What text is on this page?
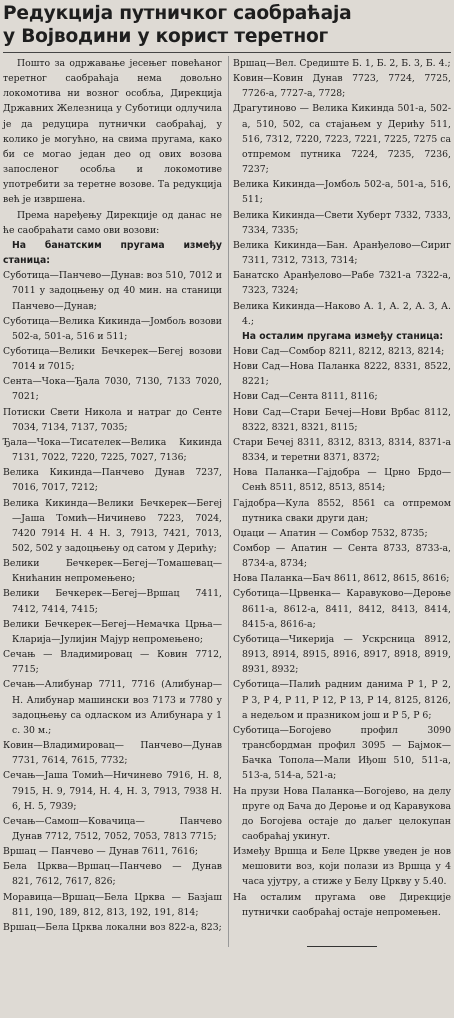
Редукција путничког саобраћаја
у Војводини у корист теретног

Пошто за одржавање јесењег повећаног теретног саобраћаја нема довољно локомотива ни возног особља, Дирекција Државних Железница у Суботици одлучила је да редуцира путнички саобраћај, у колико је могућно, на свима пругама, како би се могао један део од ових возова запосленог особља и локомотиве употребити за теретне возове. Та редукција већ је извршена.

Према наређењу Дирекције од данас не ће саобраћати само ови возови:

На банатским пругама између станица:

Суботица—Панчево—Дунав: воз 510, 7012 и 7011 у задоцњењу од 40 мин. на станици Панчево—Дунав;

Суботица—Велика Кикинда—Јомбољ возови 502-а, 501-а, 516 и 511;

Суботица—Велики Бечкерек—Бегеј возови 7014 и 7015;

Сента—Чока—Ђала 7030, 7130, 7133 7020, 7021;

Потиски Свети Никола и натраг до Сенте 7034, 7134, 7137, 7035;

Ђала—Чока—Тисателек—Велика Кикинда 7131, 7022, 7220, 7225, 7027, 7136;

Велика Кикинда—Панчево Дунав 7237, 7016, 7017, 7212;

Велика Кикинда—Велики Бечкерек—Бегеј—Јаша Томић—Ничинево 7223, 7024, 7420 7914 Н. 4 Н. 3, 7913, 7421, 7013, 502, 502 у задоцњењу од сатом у Дерићу;

Велики Бечкерек—Бегеј—Томашевац—Книћанин непромењено;

Велики Бечкерек—Бегеј—Вршац 7411, 7412, 7414, 7415;

Велики Бечкерек—Бегеј—Немачка Црња—Кларија—Јулијин Мајур непромењено;

Сечањ — Владимировац — Ковин 7712, 7715;

Сечањ—Алибунар 7711, 7716 (Алибунар—Н. Алибунар машински воз 7173 и 7780 у задоцњењу са одласком из Алибунара у 1 с. 30 м.;

Ковин—Владимировац— Панчево—Дунав 7731, 7614, 7615, 7732;

Сечањ—Јаша Томић—Ничинево 7916, Н. 8, 7915, Н. 9, 7914, Н. 4, Н. 3, 7913, 7938 Н. 6, Н. 5, 7939;

Сечањ—Самош—Ковачица— Панчево Дунав 7712, 7512, 7052, 7053, 7813 7715;

Вршац — Панчево — Дунав 7611, 7616;

Бела Црква—Вршац—Панчево — Дунав 821, 7612, 7617, 826;

Моравица—Вршац—Бела Црква — Базјаш 811, 190, 189, 812, 813, 192, 191, 814;

Вршац—Бела Црква локални воз 822-а, 823;

Вршац—Вел. Средиште Б. 1, Б. 2, Б. 3, Б. 4.;

Ковин—Ковин Дунав 7723, 7724, 7725, 7726-а, 7727-а, 7728;

Драгутиново — Велика Кикинда 501-а, 502-а, 510, 502, са стајањем у Дерићу 511, 516, 7312, 7220, 7223, 7221, 7225, 7275 са отпремом путника 7224, 7235, 7236, 7237;

Велика Кикинда—Јомбољ 502-а, 501-а, 516, 511;

Велика Кикинда—Свети Хуберт 7332, 7333, 7334, 7335;

Велика Кикинда—Бан. Аранђелово—Сириг 7311, 7312, 7313, 7314;

Банатско Аранђелово—Рабе 7321-а 7322-а, 7323, 7324;

Велика Кикинда—Наково А. 1, А. 2, А. 3, А. 4.;

На осталим пругама између станица:

Нови Сад—Сомбор 8211, 8212, 8213, 8214;

Нови Сад—Нова Паланка 8222, 8331, 8522, 8221;

Нови Сад—Сента 8111, 8116;

Нови Сад—Стари Бечеј—Нови Врбас 8112, 8322, 8321, 8321, 8115;

Стари Бечеј 8311, 8312, 8313, 8314, 8371-а 8334, и теретни 8371, 8372;

Нова Паланка—Гајдобра — Црно Брдо—Сенћ 8511, 8512, 8513, 8514;

Гајдобра—Кула 8552, 8561 са отпремом путника сваки други дан;

Оџаци — Апатин — Сомбор 7532, 8735;

Сомбор — Апатин — Сента 8733, 8733-а, 8734-а, 8734;

Нова Паланка—Бач 8611, 8612, 8615, 8616;

Суботица—Црвенка— Каравуково—Дероње 8611-а, 8612-а, 8411, 8412, 8413, 8414, 8415-а, 8616-а;

Суботица—Чикерија — Ускрсница 8912, 8913, 8914, 8915, 8916, 8917, 8918, 8919, 8931, 8932;

Суботица—Палић радним данима Р 1, Р 2, Р 3, Р 4, Р 11, Р 12, Р 13, Р 14, 8125, 8126, а недељом и празником још и Р 5, Р 6;

Суботица—Богојево профил 3090 трансбордман профил 3095 — Бајмок—Бачка Топола—Мали Иђош 510, 511-а, 513-а, 514-а, 521-а;

На прузи Нова Паланка—Богојево, на делу пруге од Бача до Дероње и од Каравукова до Богојева остаје до даљег целокупан саобраћај укинут.

Између Вршца и Беле Цркве уведен је нов мешовити воз, који полази из Вршца у 4 часа ујутру, а стиже у Белу Цркву у 5.40.

На осталим пругама ове Дирекције путнички саобраћај остаје непромењен.
